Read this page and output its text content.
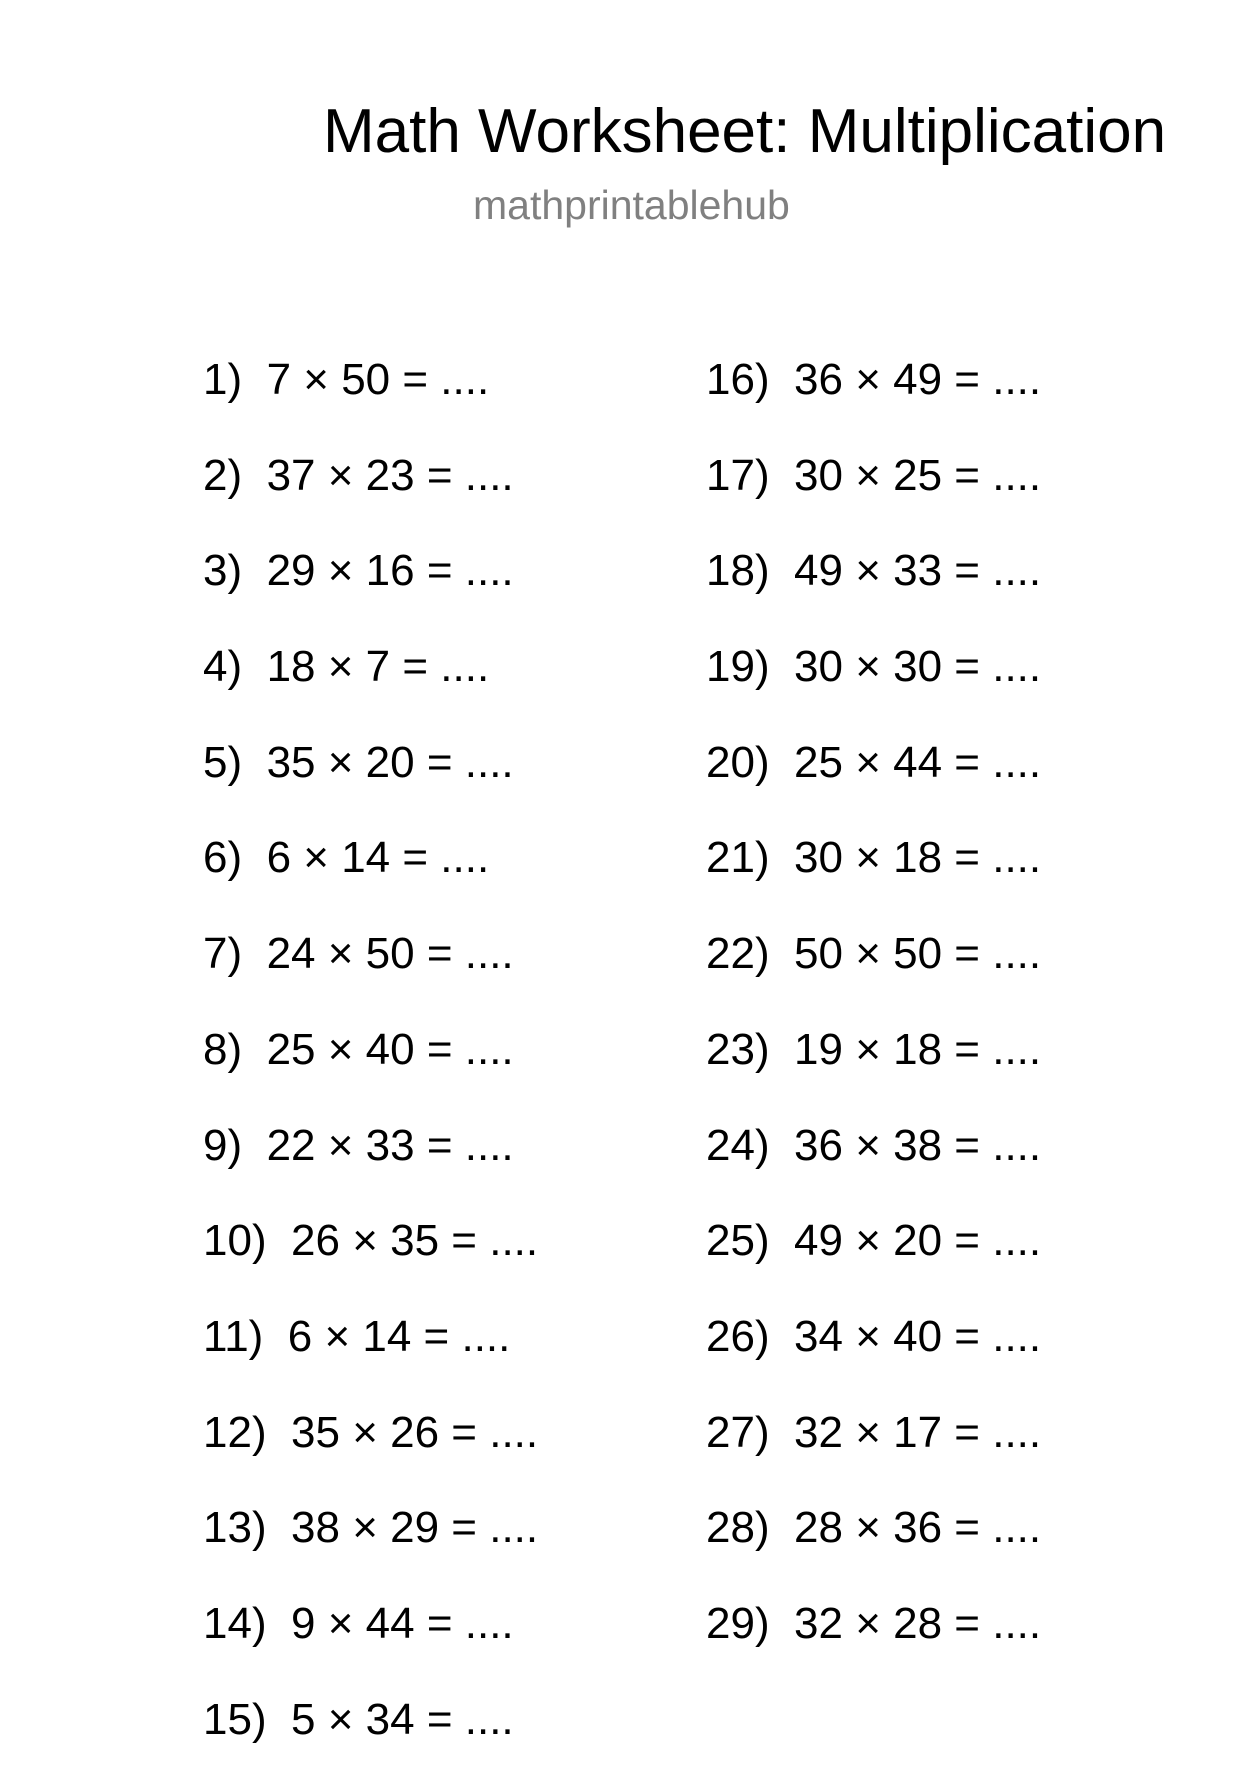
Math Worksheet: Multiplication
mathprintablehub
1)  7 × 50 = ....
2)  37 × 23 = ....
3)  29 × 16 = ....
4)  18 × 7 = ....
5)  35 × 20 = ....
6)  6 × 14 = ....
7)  24 × 50 = ....
8)  25 × 40 = ....
9)  22 × 33 = ....
10)  26 × 35 = ....
11)  6 × 14 = ....
12)  35 × 26 = ....
13)  38 × 29 = ....
14)  9 × 44 = ....
15)  5 × 34 = ....
16)  36 × 49 = ....
17)  30 × 25 = ....
18)  49 × 33 = ....
19)  30 × 30 = ....
20)  25 × 44 = ....
21)  30 × 18 = ....
22)  50 × 50 = ....
23)  19 × 18 = ....
24)  36 × 38 = ....
25)  49 × 20 = ....
26)  34 × 40 = ....
27)  32 × 17 = ....
28)  28 × 36 = ....
29)  32 × 28 = ....
